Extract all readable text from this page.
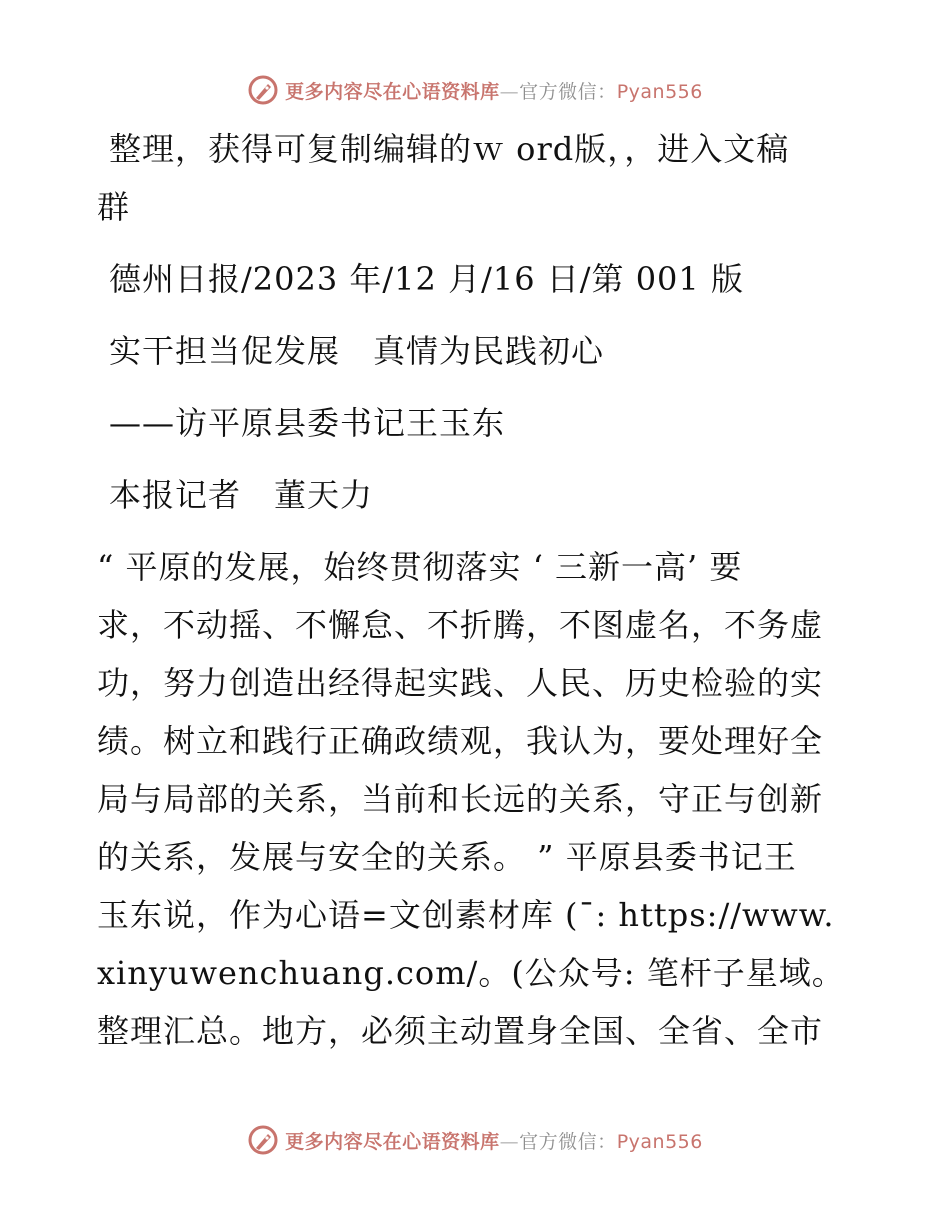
更多内容尽在心语资料库—官方微信：Pyan556
整理，获得可复制编辑的ｗ ord版，，进入文稿
群
德州日报/2023 年/12 月/16 日/第 001 版
实干担当促发展　真情为民践初心
——访平原县委书记王玉东
本报记者　董天力
“ 平原的发展，始终贯彻落实 ‘ 三新一高’ 要
求，不动摇、不懈怠、不折腾，不图虚名，不务虚
功，努力创造出经得起实践、人民、历史检验的实
绩。树立和践行正确政绩观，我认为，要处理好全
局与局部的关系，当前和长远的关系，守正与创新
的关系，发展与安全的关系。 ” 平原县委书记王
玉东说，作为心语=文创素材库 (¯: https://www.
xinyuwenchuang.com/。(公众号: 笔杆子星域。
整理汇总。地方，必须主动置身全国、全省、全市
更多内容尽在心语资料库—官方微信：Pyan556
